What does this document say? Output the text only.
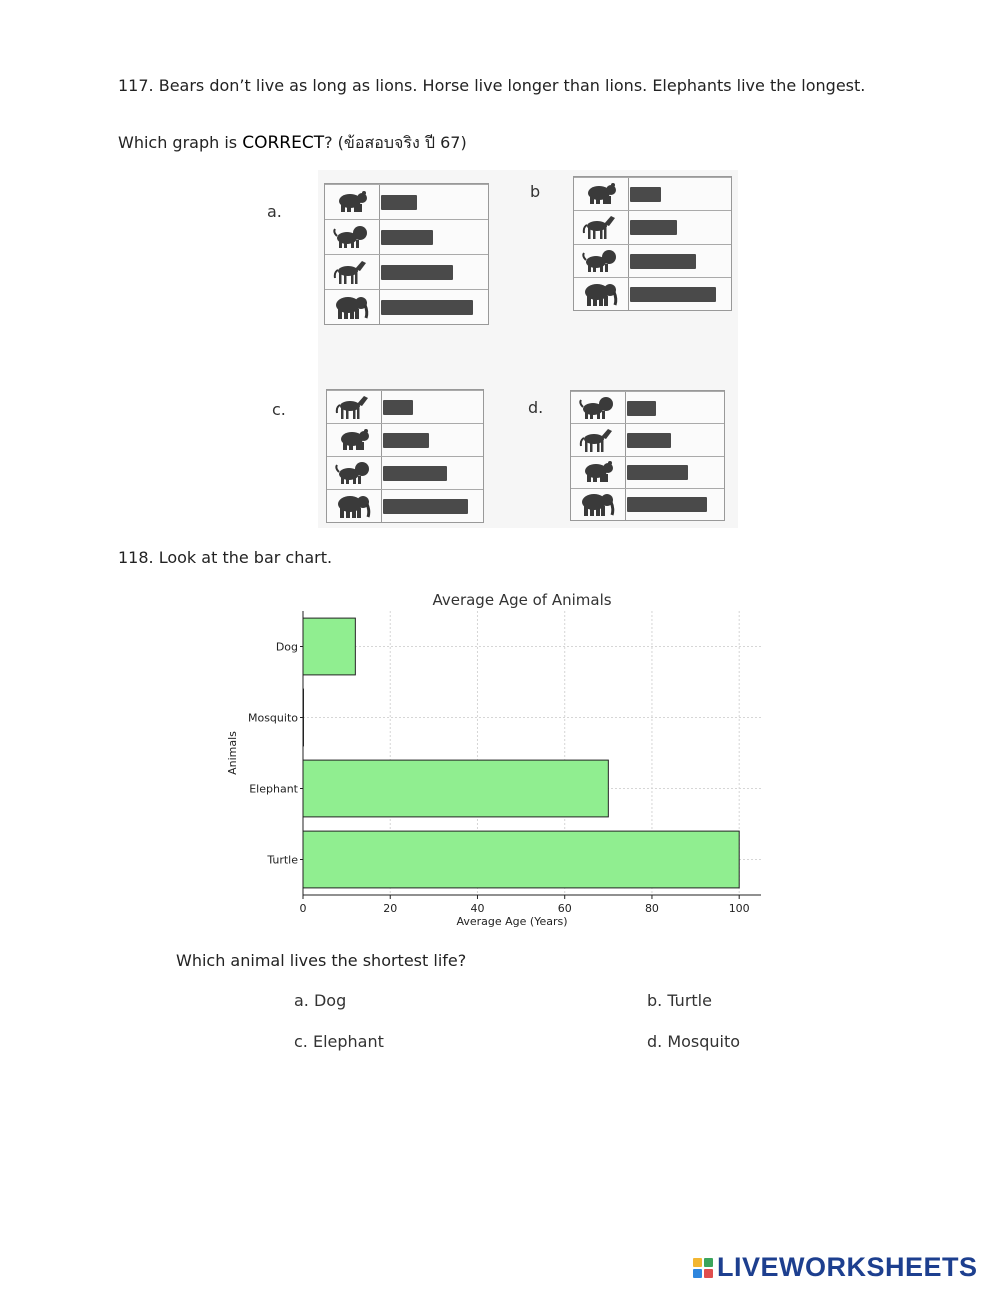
117. Bears don’t live as long as lions. Horse live longer than lions. Elephants live the longest.
Which graph is CORRECT? (ข้อสอบจริง ปี 67)
a.
b
c.	d.
118. Look at the bar chart.
Average Age of Animals
Dog
Mosquito
Elephant
Turtle
0	20	40	60	80	100
Average Age (Years)
Animals
Which animal lives the shortest life?
a. Dog	b. Turtle
c. Elephant	d. Mosquito
LIVEWORKSHEETS
